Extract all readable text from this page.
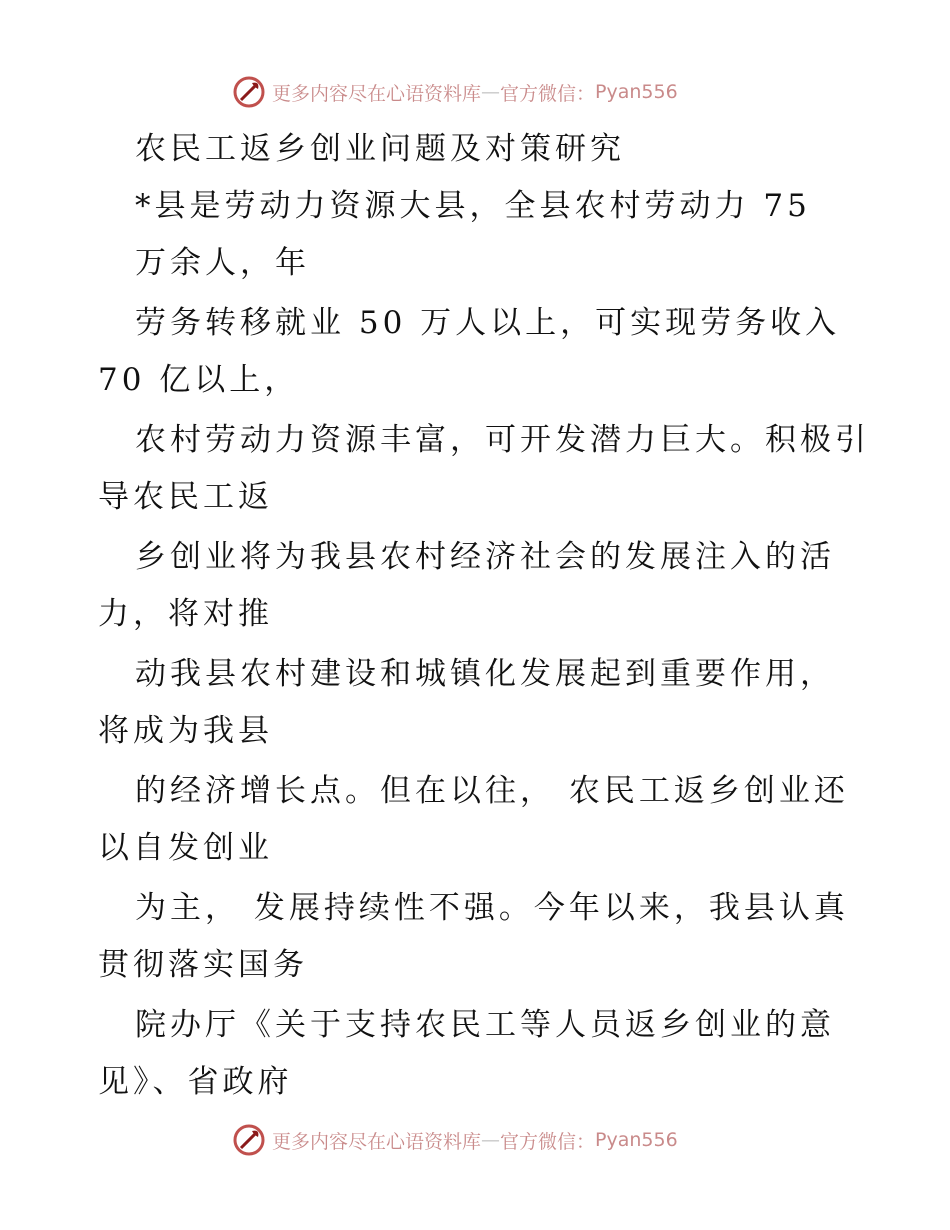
更多内容尽在心语资料库 — 官方微信： Pyan556
农民工返乡创业问题及对策研究
*县是劳动力资源大县，全县农村劳动力 75
万余人，年
劳务转移就业 50 万人以上，可实现劳务收入
70 亿以上，
农村劳动力资源丰富，可开发潜力巨大。积极引
导农民工返
乡创业将为我县农村经济社会的发展注入的活
力，将对推
动我县农村建设和城镇化发展起到重要作用，
将成为我县
的经济增长点。但在以往， 农民工返乡创业还
以自发创业
为主， 发展持续性不强。今年以来，我县认真
贯彻落实国务
院办厅《关于支持农民工等人员返乡创业的意
见》、省政府
更多内容尽在心语资料库 — 官方微信： Pyan556
